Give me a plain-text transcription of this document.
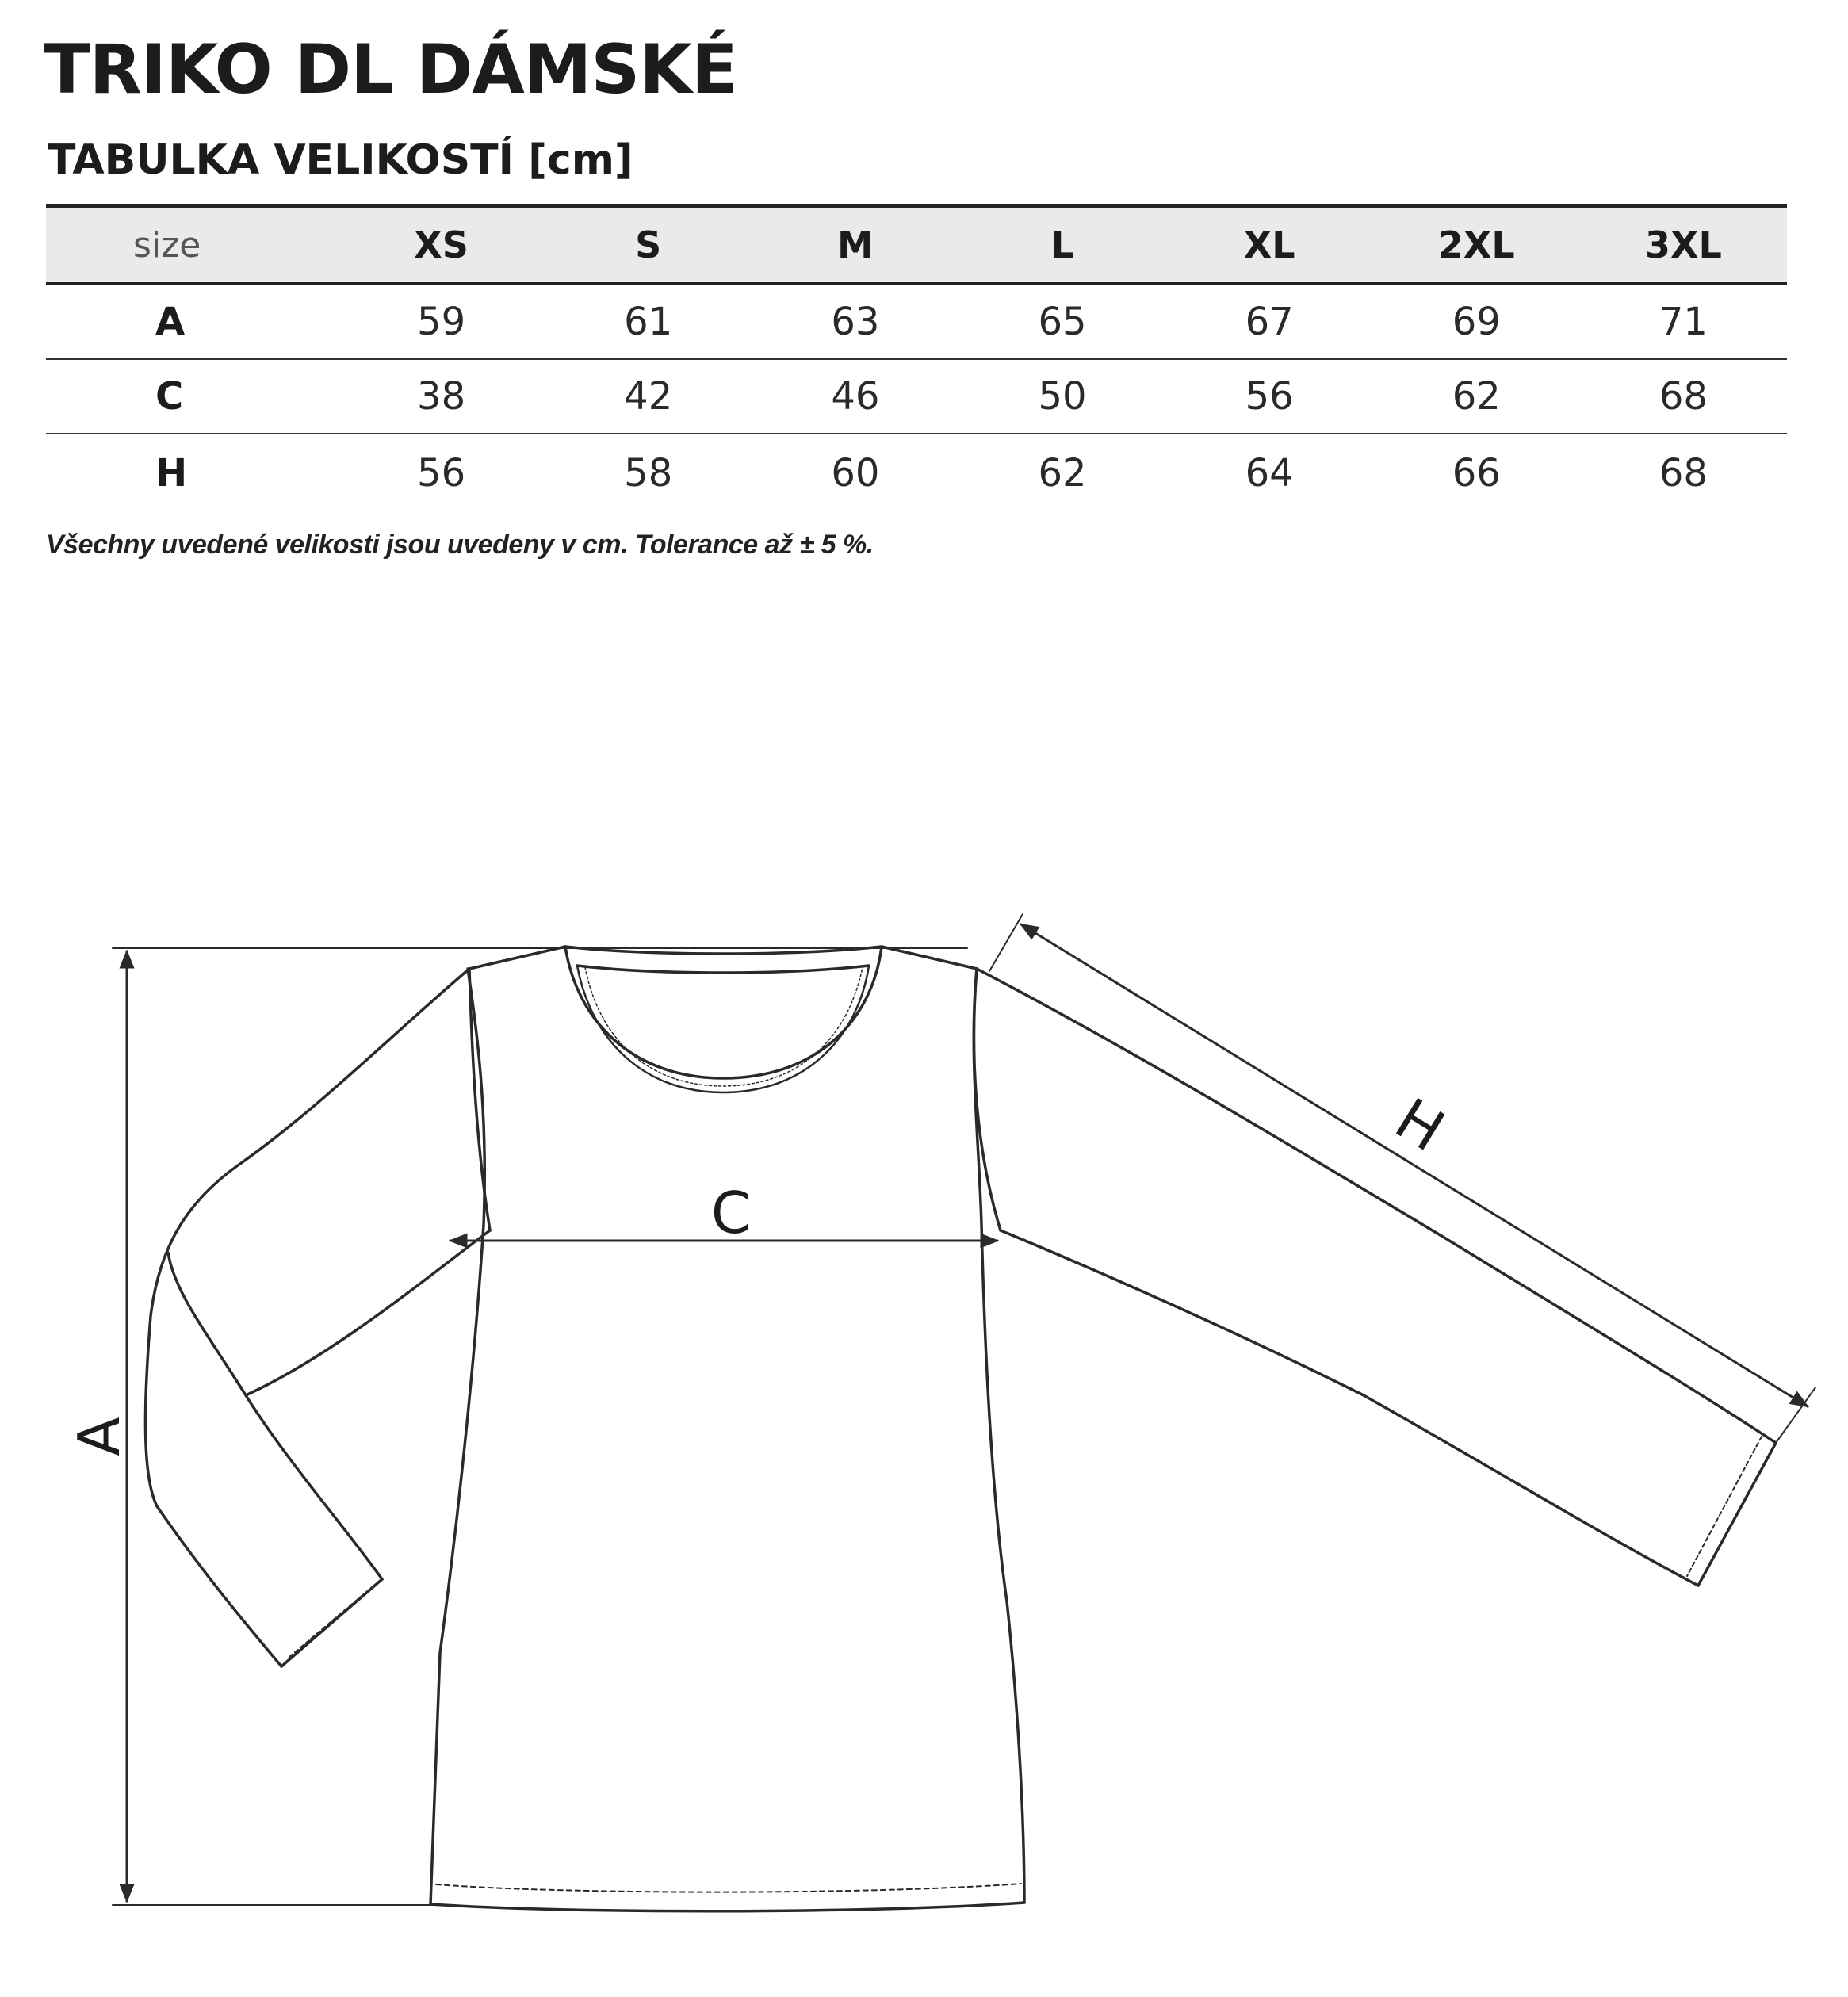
TRIKO DL DÁMSKÉ
TABULKA VELIKOSTÍ [cm]
size	XS	S	M	L	XL	2XL	3XL
A	59	61	63	65	67	69	71
C	38	42	46	50	56	62	68
H	56	58	60	62	64	66	68

Všechny uvedené velikosti jsou uvedeny v cm. Tolerance až ± 5 %.

A
C
H
